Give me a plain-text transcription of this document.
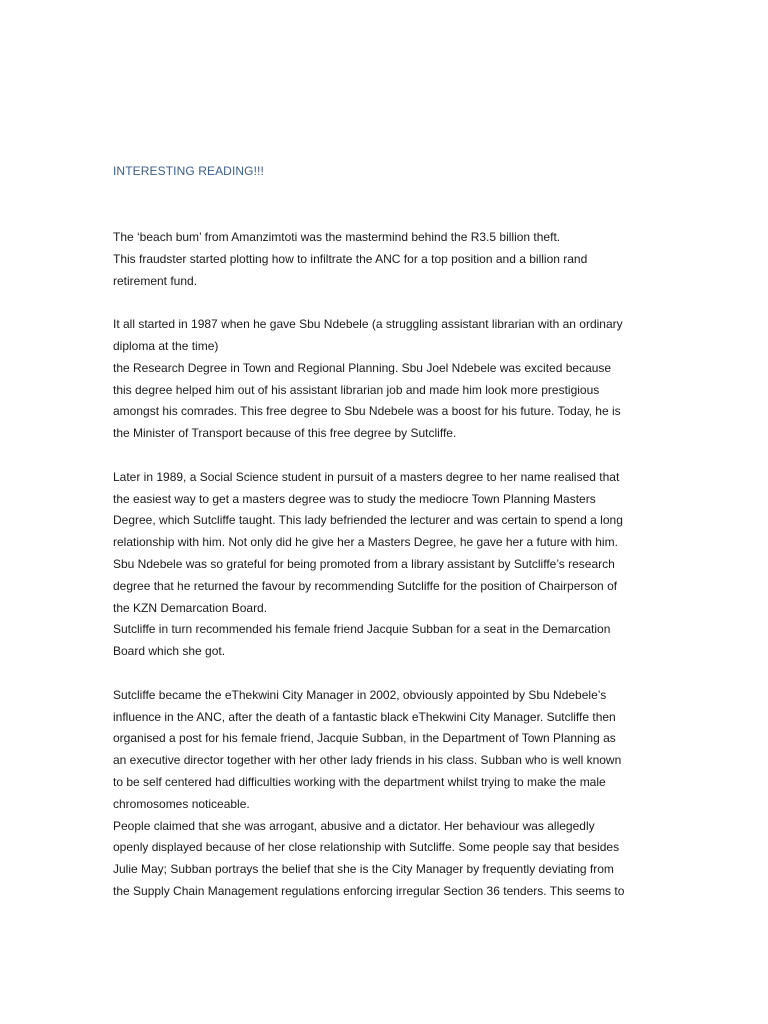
INTERESTING READING!!!
The ‘beach bum’ from Amanzimtoti was the mastermind behind the R3.5 billion theft.
This fraudster started plotting how to infiltrate the ANC for a top position and a billion rand
retirement fund.
It all started in 1987 when he gave Sbu Ndebele (a struggling assistant librarian with an ordinary
diploma at the time)
the Research Degree in Town and Regional Planning. Sbu Joel Ndebele was excited because
this degree helped him out of his assistant librarian job and made him look more prestigious
amongst his comrades. This free degree to Sbu Ndebele was a boost for his future. Today, he is
the Minister of Transport because of this free degree by Sutcliffe.
Later in 1989, a Social Science student in pursuit of a masters degree to her name realised that
the easiest way to get a masters degree was to study the mediocre Town Planning Masters
Degree, which Sutcliffe taught. This lady befriended the lecturer and was certain to spend a long
relationship with him. Not only did he give her a Masters Degree, he gave her a future with him.
Sbu Ndebele was so grateful for being promoted from a library assistant by Sutcliffe’s research
degree that he returned the favour by recommending Sutcliffe for the position of Chairperson of
the KZN Demarcation Board.
Sutcliffe in turn recommended his female friend Jacquie Subban for a seat in the Demarcation
Board which she got.
Sutcliffe became the eThekwini City Manager in 2002, obviously appointed by Sbu Ndebele’s
influence in the ANC, after the death of a fantastic black eThekwini City Manager. Sutcliffe then
organised a post for his female friend, Jacquie Subban, in the Department of Town Planning as
an executive director together with her other lady friends in his class. Subban who is well known
to be self centered had difficulties working with the department whilst trying to make the male
chromosomes noticeable.
People claimed that she was arrogant, abusive and a dictator. Her behaviour was allegedly
openly displayed because of her close relationship with Sutcliffe. Some people say that besides
Julie May; Subban portrays the belief that she is the City Manager by frequently deviating from
the Supply Chain Management regulations enforcing irregular Section 36 tenders. This seems to
